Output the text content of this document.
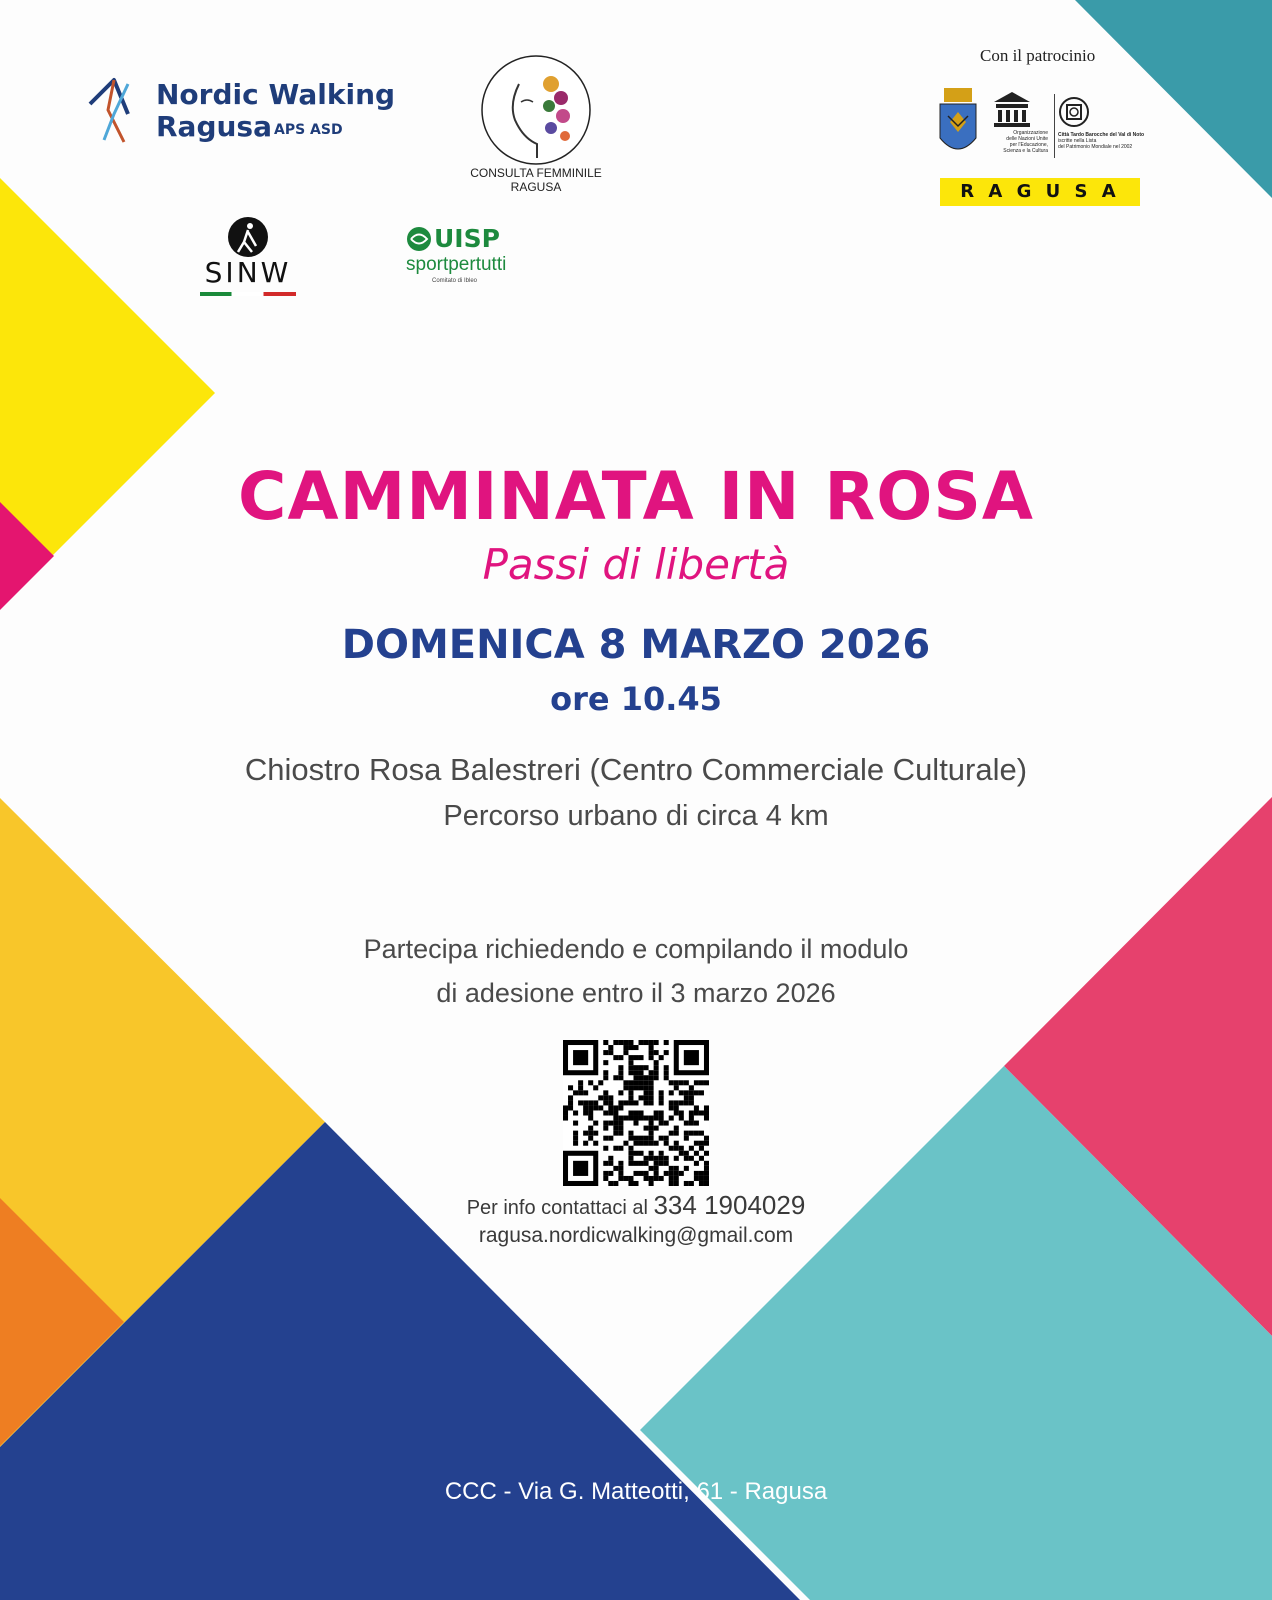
Nordic Walking
Ragusa APS ASD
CONSULTA FEMMINILE
RAGUSA
SINW
UISP
sportpertutti
Comitato di Ibleo
Con il patrocinio
Organizzazione
delle Nazioni Unite
per l'Educazione,
Scienza e la Cultura
Città Tardo Barocche del Val di Noto
iscritte nella Lista
del Patrimonio Mondiale nel 2002
R A G U S A
CAMMINATA IN ROSA
Passi di libertà
DOMENICA 8 MARZO 2026
ore 10.45
Chiostro Rosa Balestreri (Centro Commerciale Culturale)
Percorso urbano di circa 4 km
Partecipa richiedendo e compilando il modulo
di adesione entro il 3 marzo 2026
Per info contattaci al 334 1904029
ragusa.nordicwalking@gmail.com
CCC - Via G. Matteotti, 61 - Ragusa
